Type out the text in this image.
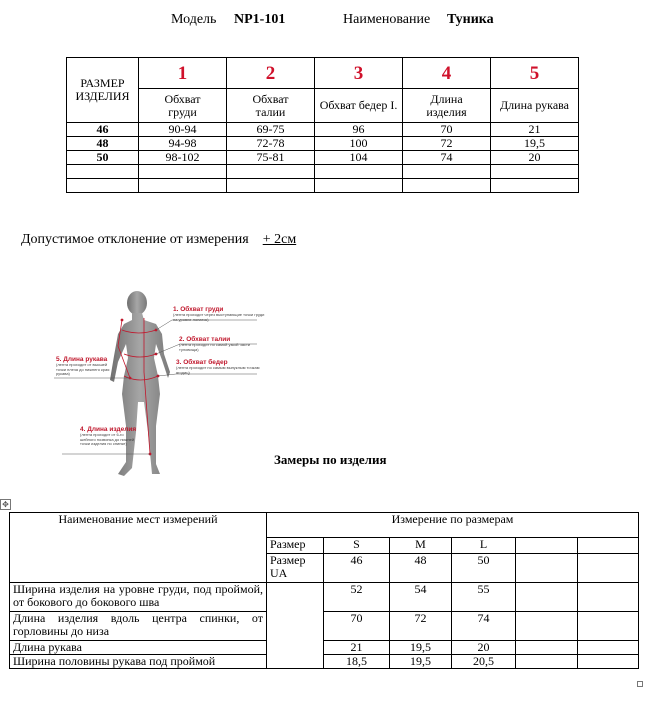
Модель NP1-101	Наименование Туника
РАЗМЕР ИЗДЕЛИЯ	1	2	3	4	5
	Обхват груди	Обхват талии	Обхват бедер I.	Длина изделия	Длина рукава
46	90-94	69-75	96	70	21
48	94-98	72-78	100	72	19,5
50	98-102	75-81	104	74	20

Допустимое отклонение от измерения + 2см
1. Обхват груди
(лента проходит через выступающие точки груди на уровне лопаток)
2. Обхват талии
(лента проходит по самой узкой части туловища)
3. Обхват бедер
(лента проходит по самым выпуклым точкам ягодиц)
5. Длина рукава
(лента проходит от высшей точки плеча до нижнего края рукава)
4. Длина изделия
(лента проходит от 6-го шейного позвонка до нижней точки изделия по спинке)
Замеры по изделия
✥
Наименование мест измерений	Измерение по размерам					
	Размер	S	M	L		
	Размер UA	46	48	50		
Ширина изделия на уровне груди, под проймой, от бокового до бокового шва		52	54	55		
Длина изделия вдоль центра спинки, от горловины до низа		70	72	74		
Длина рукава		21	19,5	20		
Ширина половины рукава под проймой		18,5	19,5	20,5		
